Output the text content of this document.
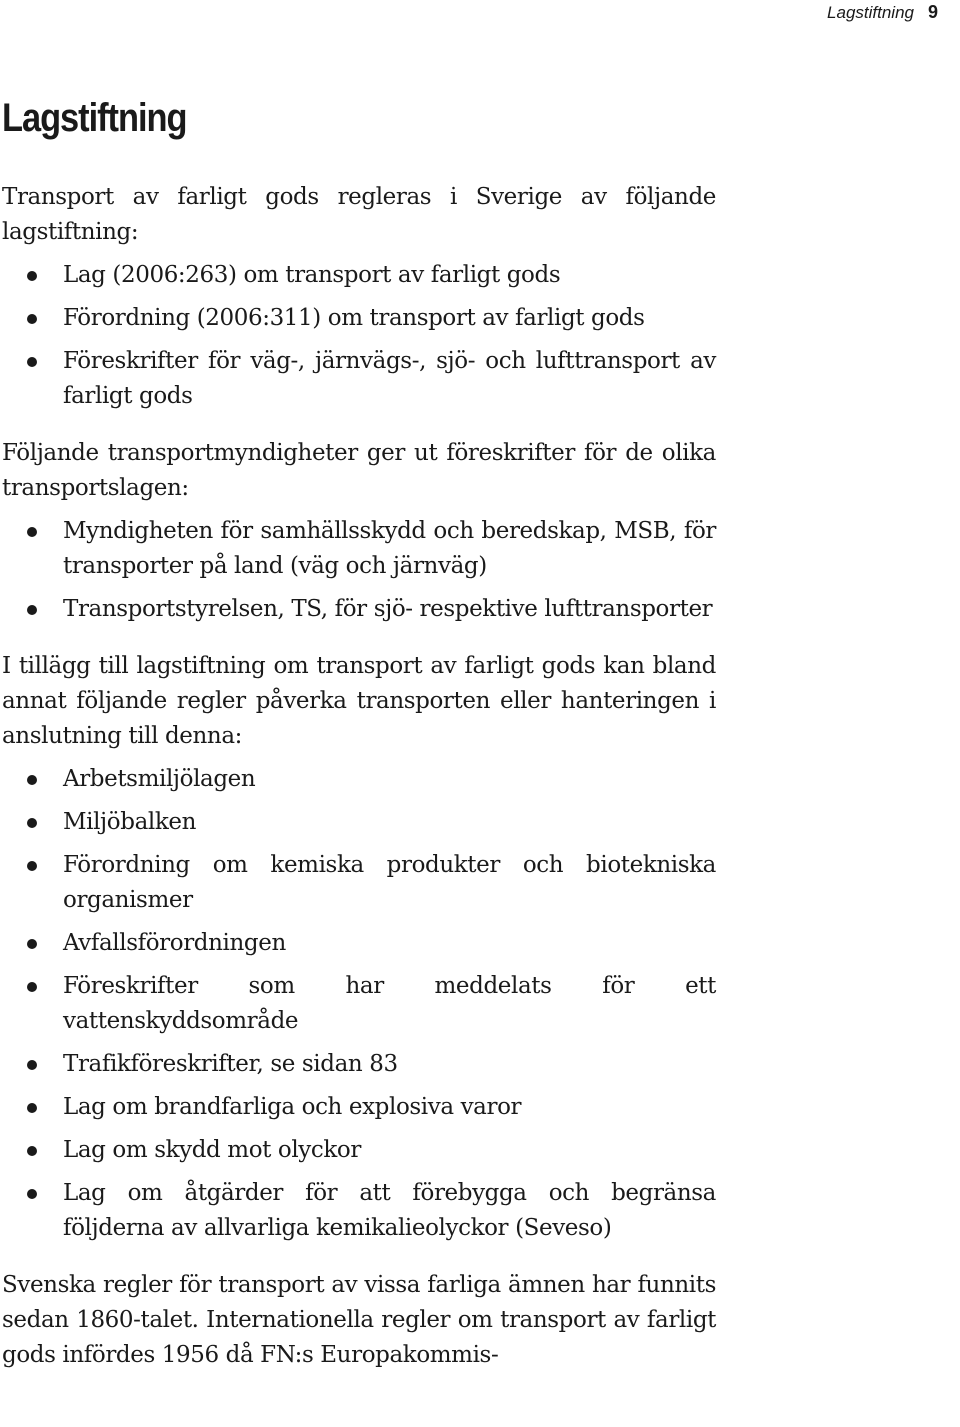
Lagstiftning 9
Lagstiftning

Transport av farligt gods regleras i Sverige av följande lagstiftning:

Lag (2006:263) om transport av farligt gods
Förordning (2006:311) om transport av farligt gods
Föreskrifter för väg-, järnvägs-, sjö- och lufttransport av farligt gods

Följande transportmyndigheter ger ut föreskrifter för de olika transportslagen:

Myndigheten för samhällsskydd och beredskap, MSB, för transporter på land (väg och järnväg)
Transportstyrelsen, TS, för sjö- respektive lufttransporter

I tillägg till lagstiftning om transport av farligt gods kan bland annat följande regler påverka transporten eller hanteringen i anslutning till denna:

Arbetsmiljölagen
Miljöbalken
Förordning om kemiska produkter och biotekniska organismer
Avfallsförordningen
Föreskrifter som har meddelats för ett vattenskyddsområde
Trafikföreskrifter, se sidan 83
Lag om brandfarliga och explosiva varor
Lag om skydd mot olyckor
Lag om åtgärder för att förebygga och begränsa följderna av allvarliga kemikalieolyckor (Seveso)

Svenska regler för transport av vissa farliga ämnen har funnits sedan 1860-talet. Internationella regler om transport av farligt gods infördes 1956 då FN:s Europakommis-
